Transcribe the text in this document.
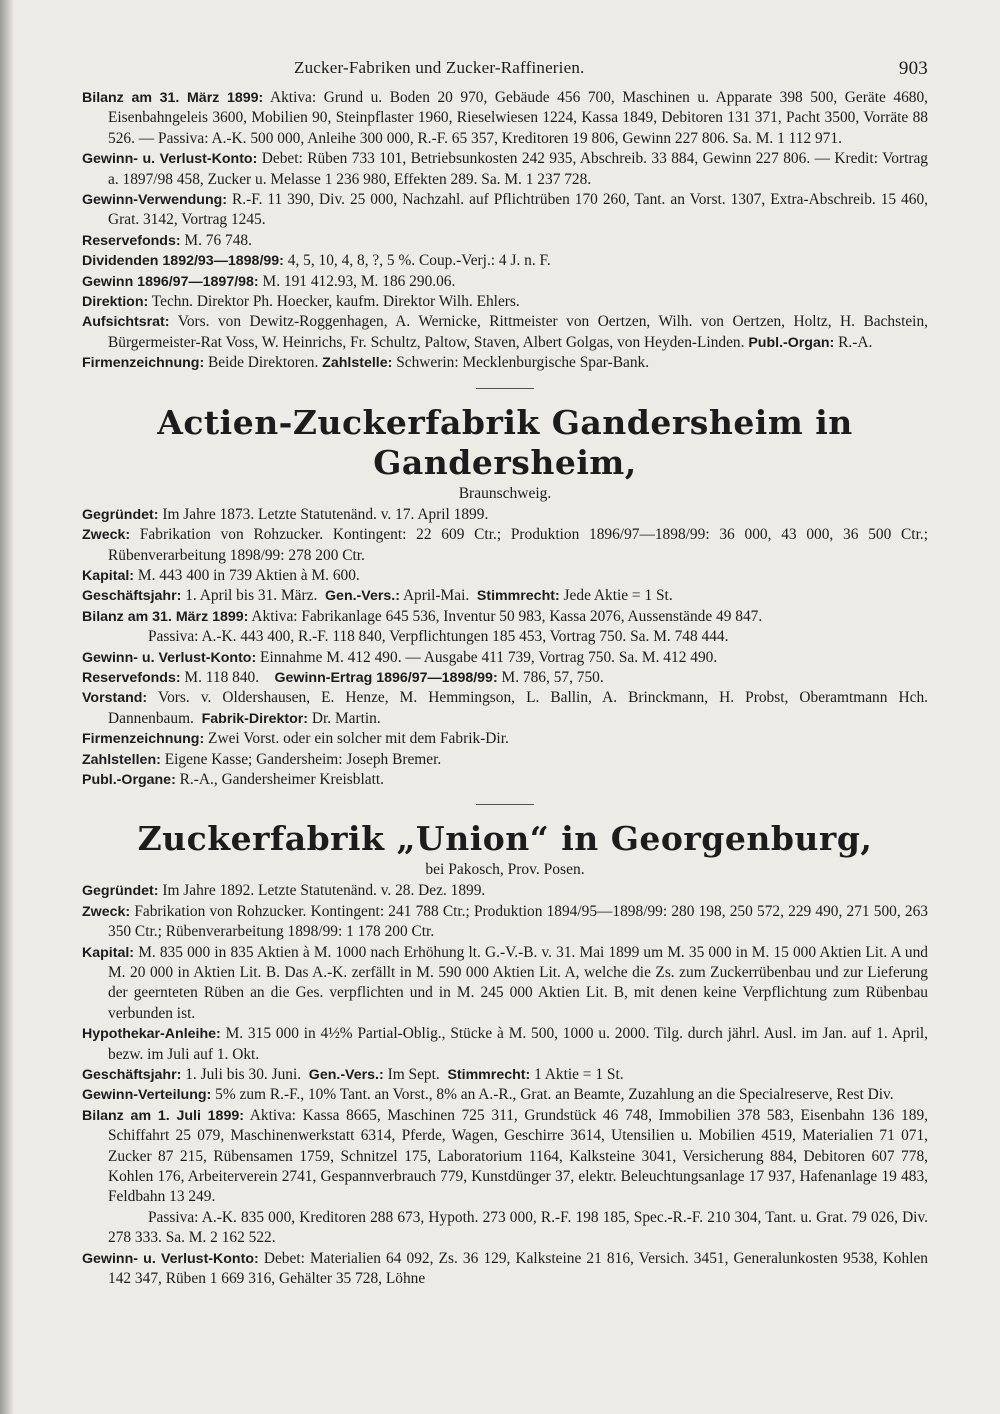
Zucker-Fabriken und Zucker-Raffinerien.	903

Bilanz am 31. März 1899: Aktiva: Grund u. Boden 20 970, Gebäude 456 700, Maschinen u. Apparate 398 500, Geräte 4680, Eisenbahngeleis 3600, Mobilien 90, Steinpflaster 1960, Rieselwiesen 1224, Kassa 1849, Debitoren 131 371, Pacht 3500, Vorräte 88 526. — Passiva: A.-K. 500 000, Anleihe 300 000, R.-F. 65 357, Kreditoren 19 806, Gewinn 227 806. Sa. M. 1 112 971.

Gewinn- u. Verlust-Konto: Debet: Rüben 733 101, Betriebsunkosten 242 935, Abschreib. 33 884, Gewinn 227 806. — Kredit: Vortrag a. 1897/98 458, Zucker u. Melasse 1 236 980, Effekten 289. Sa. M. 1 237 728.

Gewinn-Verwendung: R.-F. 11 390, Div. 25 000, Nachzahl. auf Pflichtrüben 170 260, Tant. an Vorst. 1307, Extra-Abschreib. 15 460, Grat. 3142, Vortrag 1245.

Reservefonds: M. 76 748.

Dividenden 1892/93—1898/99: 4, 5, 10, 4, 8, ?, 5 %. Coup.-Verj.: 4 J. n. F.

Gewinn 1896/97—1897/98: M. 191 412.93, M. 186 290.06.

Direktion: Techn. Direktor Ph. Hoecker, kaufm. Direktor Wilh. Ehlers.

Aufsichtsrat: Vors. von Dewitz-Roggenhagen, A. Wernicke, Rittmeister von Oertzen, Wilh. von Oertzen, Holtz, H. Bachstein, Bürgermeister-Rat Voss, W. Heinrichs, Fr. Schultz, Paltow, Staven, Albert Golgas, von Heyden-Linden. Publ.-Organ: R.-A.

Firmenzeichnung: Beide Direktoren. Zahlstelle: Schwerin: Mecklenburgische Spar-Bank.

Actien-Zuckerfabrik Gandersheim in Gandersheim,
Braunschweig.

Gegründet: Im Jahre 1873. Letzte Statutenänd. v. 17. April 1899.

Zweck: Fabrikation von Rohzucker. Kontingent: 22 609 Ctr.; Produktion 1896/97—1898/99: 36 000, 43 000, 36 500 Ctr.; Rübenverarbeitung 1898/99: 278 200 Ctr.

Kapital: M. 443 400 in 739 Aktien à M. 600.

Geschäftsjahr: 1. April bis 31. März. Gen.-Vers.: April-Mai. Stimmrecht: Jede Aktie = 1 St.

Bilanz am 31. März 1899: Aktiva: Fabrikanlage 645 536, Inventur 50 983, Kassa 2076, Aussenstände 49 847.

Passiva: A.-K. 443 400, R.-F. 118 840, Verpflichtungen 185 453, Vortrag 750. Sa. M. 748 444.

Gewinn- u. Verlust-Konto: Einnahme M. 412 490. — Ausgabe 411 739, Vortrag 750. Sa. M. 412 490.

Reservefonds: M. 118 840. Gewinn-Ertrag 1896/97—1898/99: M. 786, 57, 750.

Vorstand: Vors. v. Oldershausen, E. Henze, M. Hemmingson, L. Ballin, A. Brinckmann, H. Probst, Oberamtmann Hch. Dannenbaum. Fabrik-Direktor: Dr. Martin.

Firmenzeichnung: Zwei Vorst. oder ein solcher mit dem Fabrik-Dir.

Zahlstellen: Eigene Kasse; Gandersheim: Joseph Bremer.

Publ.-Organe: R.-A., Gandersheimer Kreisblatt.

Zuckerfabrik „Union“ in Georgenburg,
bei Pakosch, Prov. Posen.

Gegründet: Im Jahre 1892. Letzte Statutenänd. v. 28. Dez. 1899.

Zweck: Fabrikation von Rohzucker. Kontingent: 241 788 Ctr.; Produktion 1894/95—1898/99: 280 198, 250 572, 229 490, 271 500, 263 350 Ctr.; Rübenverarbeitung 1898/99: 1 178 200 Ctr.

Kapital: M. 835 000 in 835 Aktien à M. 1000 nach Erhöhung lt. G.-V.-B. v. 31. Mai 1899 um M. 35 000 in M. 15 000 Aktien Lit. A und M. 20 000 in Aktien Lit. B. Das A.-K. zerfällt in M. 590 000 Aktien Lit. A, welche die Zs. zum Zuckerrübenbau und zur Lieferung der geernteten Rüben an die Ges. verpflichten und in M. 245 000 Aktien Lit. B, mit denen keine Verpflichtung zum Rübenbau verbunden ist.

Hypothekar-Anleihe: M. 315 000 in 4½% Partial-Oblig., Stücke à M. 500, 1000 u. 2000. Tilg. durch jährl. Ausl. im Jan. auf 1. April, bezw. im Juli auf 1. Okt.

Geschäftsjahr: 1. Juli bis 30. Juni. Gen.-Vers.: Im Sept. Stimmrecht: 1 Aktie = 1 St.

Gewinn-Verteilung: 5% zum R.-F., 10% Tant. an Vorst., 8% an A.-R., Grat. an Beamte, Zuzahlung an die Specialreserve, Rest Div.

Bilanz am 1. Juli 1899: Aktiva: Kassa 8665, Maschinen 725 311, Grundstück 46 748, Immobilien 378 583, Eisenbahn 136 189, Schiffahrt 25 079, Maschinenwerkstatt 6314, Pferde, Wagen, Geschirre 3614, Utensilien u. Mobilien 4519, Materialien 71 071, Zucker 87 215, Rübensamen 1759, Schnitzel 175, Laboratorium 1164, Kalksteine 3041, Versicherung 884, Debitoren 607 778, Kohlen 176, Arbeiterverein 2741, Gespannverbrauch 779, Kunstdünger 37, elektr. Beleuchtungsanlage 17 937, Hafenanlage 19 483, Feldbahn 13 249.

Passiva: A.-K. 835 000, Kreditoren 288 673, Hypoth. 273 000, R.-F. 198 185, Spec.-R.-F. 210 304, Tant. u. Grat. 79 026, Div. 278 333. Sa. M. 2 162 522.

Gewinn- u. Verlust-Konto: Debet: Materialien 64 092, Zs. 36 129, Kalksteine 21 816, Versich. 3451, Generalunkosten 9538, Kohlen 142 347, Rüben 1 669 316, Gehälter 35 728, Löhne
